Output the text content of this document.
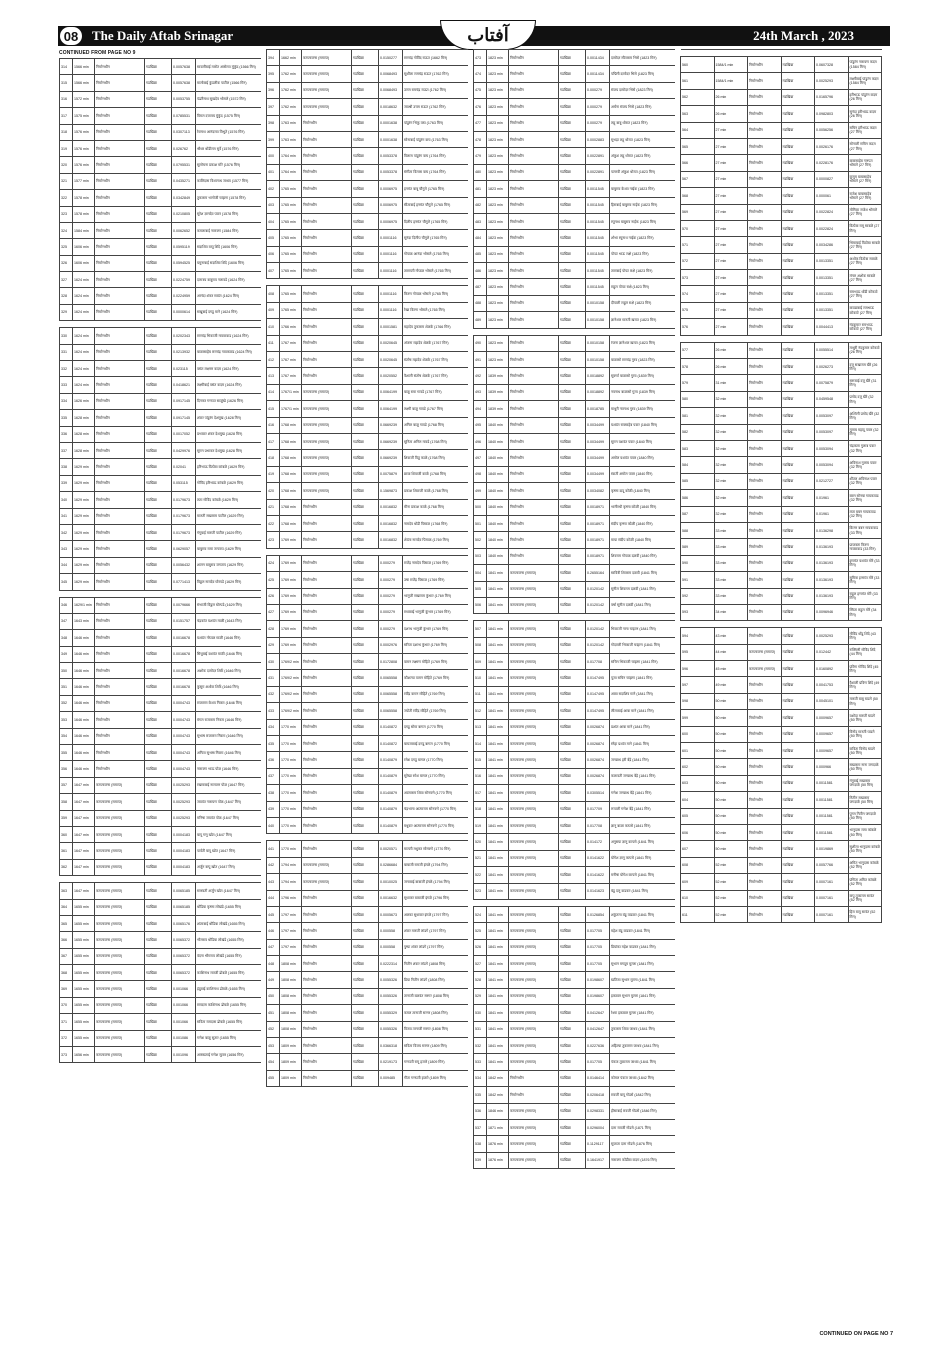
08 The Daily Aftab Srinagar	آفتاب	24th March , 2023
CONTINUED FROM PAGE NO 9
314	1566 min	निर्माणधीन	गडखिन्ना	0.0057638	सायलीबाई मारोत आसेराव मुंकुंद (1566 मिन)
315	1566 min	निर्माणधीन	गडखिन्ना	0.0057638	मालोबाई कुंडलीक पाटील (1566 मिन)
316	1572 min	निर्माणधीन	गडखिन्ना	0.0053755	पंढरीनाथ सुखदेव भोसले (1572 मिन)
317	1575 min	निर्माणधीन	गडखिन्ना	0.0785531	विमल दत्तात्रय मुंकुंद (1575 मिन)
318	1576 min	निर्माणधीन	गडखिन्ना	0.0307113	रेवनाथ आनंदराव विभुते (1576 मिन)
319	1576 min	निर्माणधीन	गडखिन्ना	0.026762	श्रीधर धोंडीराम सुर्वे (1576 मिन)
320	1576 min	निर्माणधीन	गडखिन्ना	0.0795531	सुलोचना प्रकाश मोरे (1576 मिन)
321	1577 min	निर्माणधीन	गडखिन्ना	0.0435271	कालिदास विश्वनाथ जाधव (1577 मिन)
322	1578 min	निर्माणधीन	गडखिन्ना	0.0342849	तुकाराम भागोजी चव्हाण (1578 मिन)
323	1578 min	निर्माणधीन	गडखिन्ना	0.0210805	सुरेश ज्ञानदेव पवार (1578 मिन)
324	1584 min	निर्माणधीन	गडखिन्ना	0.0062652	कमलाबाई नारायण (1584 मिन)
325	1606 min	निर्माणधीन	गडखिन्ना	0.0595119	सदाशिव बापू शिंदे (1606 मिन)
326	1606 min	निर्माणधीन	गडखिन्ना	0.0594525	यमुनाबाई सदाशिव शिंदे (1606 मिन)
327	1624 min	निर्माणधीन	गडखिन्ना	0.0224759	दत्तात्रय बाबुराव नलावडे (1624 मिन)
328	1624 min	निर्माणधीन	गडखिन्ना	0.0224959	आनंदा शंकर सावंत (1624 मिन)
329	1624 min	निर्माणधीन	गडखिन्ना	0.0000614	सखुबाई दगडू माने (1624 मिन)

330	1624 min	निर्माणधीन	गडखिन्ना	0.0202343	रामचंद्र भिकाजी गायकवाड (1624 मिन)
331	1624 min	निर्माणधीन	गडखिन्ना	0.0213932	बाळासाहेब रामचंद्र गायकवाड (1624 मिन)
332	1624 min	निर्माणधीन	गडखिन्ना	0.023115	वसंत लक्ष्मण कदम (1624 मिन)
333	1624 min	निर्माणधीन	गडखिन्ना	0.0418621	लक्ष्मीबाई वसंत कदम (1624 मिन)
334	1626 min	निर्माणधीन	गडखिन्ना	0.0917145	दिनकर गणपत साळुंखे (1626 मिन)
335	1628 min	निर्माणधीन	गडखिन्ना	0.0917145	शंकर पांडुरंग देशमुख (1628 मिन)
336	1628 min	निर्माणधीन	गडखिन्ना	0.0017052	प्रभाकर शंकर देशमुख (1628 मिन)
337	1628 min	निर्माणधीन	गडखिन्ना	0.0429976	सुमन प्रभाकर देशमुख (1628 मिन)
338	1629 min	निर्माणधीन	गडखिन्ना	0.02041	हरिभाऊ विठोबा कांबळे (1629 मिन)
339	1629 min	निर्माणधीन	गडखिन्ना	0.053115	गोविंद हरिभाऊ कांबळे (1629 मिन)
340	1629 min	निर्माणधीन	गडखिन्ना	0.0179673	लता गोविंद कांबळे (1629 मिन)
341	1629 min	निर्माणधीन	गडखिन्ना	0.0179673	मारुती सखाराम पाटील (1629 मिन)
342	1629 min	निर्माणधीन	गडखिन्ना	0.0179673	गंगूबाई मारुती पाटील (1629 मिन)
343	1629 min	निर्माणधीन	गडखिन्ना	0.0629057	बाबुराव रामा जगताप (1629 मिन)
344	1629 min	निर्माणधीन	गडखिन्ना	0.0056432	शालन बाबुराव जगताप (1629 मिन)
345	1629 min	निर्माणधीन	गडखिन्ना	0.0771413	विठ्ठल नामदेव घोरपडे (1629 मिन)

346	1629/1 min	निर्माणधीन	गडखिन्ना	0.0079666	संभाजी विठ्ठल घोरपडे (1629 मिन)
347	1643 min	निर्माणधीन	गडखिन्ना	0.0151757	चंद्रकांत यशवंत माळी (1643 मिन)
348	1646 min	निर्माणधीन	गडखिन्ना	0.0016678	यशवंत गोपाळ माळी (1646 मिन)
349	1646 min	निर्माणधीन	गडखिन्ना	0.0016678	सिंधुबाई यशवंत माळी (1646 मिन)
350	1646 min	निर्माणधीन	गडखिन्ना	0.0016678	अशोक दामोदर शिर्के (1646 मिन)
351	1646 min	निर्माणधीन	गडखिन्ना	0.0016678	कुसुम अशोक शिर्के (1646 मिन)
352	1646 min	निर्माणधीन	गडखिन्ना	0.0004743	राजाराम केशव निकम (1646 मिन)
353	1646 min	निर्माणधीन	गडखिन्ना	0.0004743	मंगल राजाराम निकम (1646 मिन)
354	1646 min	निर्माणधीन	गडखिन्ना	0.0004743	सुभाष राजाराम निकम (1646 मिन)
355	1646 min	निर्माणधीन	गडखिन्ना	0.0004743	अनिता सुभाष निकम (1646 मिन)
356	1646 min	निर्माणधीन	गडखिन्ना	0.0004743	नारायण भाऊ पोळ (1646 मिन)
357	1647 min	कम्प्लायन्स (समाप्त)	गडखिन्ना	0.0025293	रखमाबाई नारायण पोळ (1647 मिन)
358	1647 min	कम्प्लायन्स (समाप्त)	गडखिन्ना	0.0025293	जयवंत नारायण पोळ (1647 मिन)
359	1647 min	कम्प्लायन्स (समाप्त)	गडखिन्ना	0.0025293	मनिषा जयवंत पोळ (1647 मिन)
360	1647 min	कम्प्लायन्स (समाप्त)	गडखिन्ना	0.0004183	बापू गणू खोत (1647 मिन)
361	1647 min	कम्प्लायन्स (समाप्त)	गडखिन्ना	0.0004183	पार्वती बापू खोत (1647 मिन)
362	1647 min	कम्प्लायन्स (समाप्त)	गडखिन्ना	0.0004183	अर्जुन बापू खोत (1647 मिन)

363	1647 min	कम्प्लायन्स (समाप्त)	गडखिन्ना	0.0065185	सरस्वती अर्जुन खोत (1647 मिन)
364	1655 min	कम्प्लायन्स (समाप्त)	गडखिन्ना	0.0065185	धोंडिबा कृष्णा लोखंडे (1655 मिन)
365	1655 min	कम्प्लायन्स (समाप्त)	गडखिन्ना	0.0065176	शांताबाई धोंडिबा लोखंडे (1655 मिन)
366	1655 min	कम्प्लायन्स (समाप्त)	गडखिन्ना	0.0065372	भीमराव धोंडिबा लोखंडे (1655 मिन)
367	1655 min	कम्प्लायन्स (समाप्त)	गडखिन्ना	0.0065372	वंदना भीमराव लोखंडे (1655 मिन)
368	1655 min	कम्प्लायन्स (समाप्त)	गडखिन्ना	0.0065372	काशिनाथ रावजी ढोबळे (1655 मिन)
369	1655 min	कम्प्लायन्स (समाप्त)	गडखिन्ना	0.001066	इंदुबाई काशिनाथ ढोबळे (1655 मिन)
370	1655 min	कम्प्लायन्स (समाप्त)	गडखिन्ना	0.001066	रामदास काशिनाथ ढोबळे (1655 मिन)
371	1655 min	कम्प्लायन्स (समाप्त)	गडखिन्ना	0.001066	सविता रामदास ढोबळे (1655 मिन)
372	1655 min	कम्प्लायन्स (समाप्त)	गडखिन्ना	0.001086	गणेश बाळू सुतार (1655 मिन)
373	1656 min	कम्प्लायन्स (समाप्त)	गडखिन्ना	0.001096	अक्काताई गणेश सुतार (1656 मिन)
394	1662 min	कम्प्लायन्स (समाप्त)	गडखिन्ना	0.0150277	रामचंद्र गोविंद राऊत (1662 मिन)
395	1762 min	कम्प्लायन्स (समाप्त)	गडखिन्ना	0.0068493	सुशीला रामचंद्र राऊत (1762 मिन)
396	1762 min	कम्प्लायन्स (समाप्त)	गडखिन्ना	0.0068493	उत्तम रामचंद्र राऊत (1762 मिन)
397	1762 min	कम्प्लायन्स (समाप्त)	गडखिन्ना	0.0018632	जयश्री उत्तम राऊत (1762 मिन)
398	1763 min	निर्माणधीन	गडखिन्ना	0.0001638	पांडुरंग भिकू वाघ (1763 मिन)
399	1763 min	निर्माणधीन	गडखिन्ना	0.0001638	सोनाबाई पांडुरंग वाघ (1763 मिन)
400	1764 min	निर्माणधीन	गडखिन्ना	0.0053378	विलास पांडुरंग वाघ (1764 मिन)
401	1764 min	निर्माणधीन	गडखिन्ना	0.0053378	संगीता विलास वाघ (1764 मिन)
402	1765 min	निर्माणधीन	गडखिन्ना	0.0006975	हनमंत बाबू चौगुले (1765 मिन)
403	1765 min	निर्माणधीन	गडखिन्ना	0.0006975	सीताबाई हनमंत चौगुले (1765 मिन)
404	1765 min	निर्माणधीन	गडखिन्ना	0.0006975	दिलीप हनमंत चौगुले (1765 मिन)
405	1765 min	निर्माणधीन	गडखिन्ना	0.0001116	सुनंदा दिलीप चौगुले (1765 मिन)
406	1765 min	निर्माणधीन	गडखिन्ना	0.0001116	गोपाळ आनंदा भोसले (1765 मिन)
407	1765 min	निर्माणधीन	गडखिन्ना	0.0001116	तारामती गोपाळ भोसले (1765 मिन)

408	1765 min	निर्माणधीन	गडखिन्ना	0.0001116	किरण गोपाळ भोसले (1765 मिन)
409	1765 min	निर्माणधीन	गडखिन्ना	0.0001116	रेखा किरण भोसले (1765 मिन)
410	1766 min	निर्माणधीन	गडखिन्ना	0.0001581	महादेव तुकाराम शेळके (1766 मिन)
411	1767 min	निर्माणधीन	गडखिन्ना	0.0020645	अंजना महादेव शेळके (1767 मिन)
412	1767 min	निर्माणधीन	गडखिन्ना	0.0020645	संतोष महादेव शेळके (1767 मिन)
413	1767 min	निर्माणधीन	गडखिन्ना	0.0020552	वैशाली संतोष शेळके (1767 मिन)
414	1767/1 min	कम्प्लायन्स (समाप्त)	गडखिन्ना	0.0064199	बाळू रामा गावडे (1767 मिन)
415	1767/1 min	कम्प्लायन्स (समाप्त)	गडखिन्ना	0.0064199	लक्ष्मी बाळू गावडे (1767 मिन)
416	1768 min	कम्प्लायन्स (समाप्त)	गडखिन्ना	0.0669239	अनिल बाळू गावडे (1768 मिन)
417	1768 min	कम्प्लायन्स (समाप्त)	गडखिन्ना	0.0669239	सुनिता अनिल गावडे (1768 मिन)
418	1768 min	कम्प्लायन्स (समाप्त)	गडखिन्ना	0.0669239	शिवाजी विठू काळे (1768 मिन)
419	1768 min	कम्प्लायन्स (समाप्त)	गडखिन्ना	0.0075879	छाया शिवाजी काळे (1768 मिन)
420	1768 min	कम्प्लायन्स (समाप्त)	गडखिन्ना	0.1569873	प्रकाश शिवाजी काळे (1768 मिन)
421	1768 min	निर्माणधीन	गडखिन्ना	0.0016832	मीना प्रकाश काळे (1768 मिन)
422	1768 min	निर्माणधीन	गडखिन्ना	0.0016832	नामदेव धोंडी पिसाळ (1768 मिन)
423	1769 min	निर्माणधीन	गडखिन्ना	0.0016832	शेवंता नामदेव पिसाळ (1769 मिन)

424	1769 min	निर्माणधीन	गडखिन्ना	0.000279	राजेंद्र नामदेव पिसाळ (1769 मिन)
425	1769 min	निर्माणधीन	गडखिन्ना	0.000279	उषा राजेंद्र पिसाळ (1769 मिन)
426	1769 min	निर्माणधीन	गडखिन्ना	0.000279	भागूजी सखाराम कुंभार (1769 मिन)
427	1769 min	निर्माणधीन	गडखिन्ना	0.000279	राधाबाई भागूजी कुंभार (1769 मिन)
428	1769 min	निर्माणधीन	गडखिन्ना	0.000279	दशरथ भागूजी कुंभार (1769 मिन)
429	1769 min	निर्माणधीन	गडखिन्ना	0.0002976	सरिता दशरथ कुंभार (1769 मिन)
430	1769/2 min	निर्माणधीन	गडखिन्ना	0.0172808	वामन लक्ष्मण मोहिते (1769 मिन)
431	1769/2 min	निर्माणधीन	गडखिन्ना	0.0065558	कौशल्या वामन मोहिते (1769 मिन)
432	1769/2 min	निर्माणधीन	गडखिन्ना	0.0065558	रवींद्र वामन मोहिते (1769 मिन)
433	1769/2 min	निर्माणधीन	गडखिन्ना	0.0065558	ज्योती रवींद्र मोहिते (1769 मिन)
434	1770 min	निर्माणधीन	गडखिन्ना	0.0140872	दगडू सोमा बागल (1770 मिन)
435	1770 min	निर्माणधीन	गडखिन्ना	0.0140872	बायजाबाई दगडू बागल (1770 मिन)
436	1770 min	निर्माणधीन	गडखिन्ना	0.0140879	रमेश दगडू बागल (1770 मिन)
437	1770 min	निर्माणधीन	गडखिन्ना	0.0140879	सुरेखा रमेश बागल (1770 मिन)
438	1770 min	निर्माणधीन	गडखिन्ना	0.0140879	आत्माराम शिवा सोनवणे (1770 मिन)
439	1770 min	निर्माणधीन	गडखिन्ना	0.0140879	चंद्रभागा आत्माराम सोनवणे (1770 मिन)
440	1770 min	निर्माणधीन	गडखिन्ना	0.0140879	मधुकर आत्माराम सोनवणे (1770 मिन)

441	1770 min	निर्माणधीन	गडखिन्ना	0.0020571	मालती मधुकर सोनवणे (1770 मिन)
442	1794 min	कम्प्लायन्स (समाप्त)	गडखिन्ना	0.0286684	बाबाजी रामजी इंगळे (1794 मिन)
443	1794 min	कम्प्लायन्स (समाप्त)	गडखिन्ना	0.0010025	जनाबाई बाबाजी इंगळे (1794 मिन)
444	1796 min	निर्माणधीन	गडखिन्ना	0.0016632	सुधाकर बाबाजी इंगळे (1796 मिन)
445	1797 min	निर्माणधीन	गडखिन्ना	0.0005673	अलका सुधाकर इंगळे (1797 मिन)
446	1797 min	निर्माणधीन	गडखिन्ना	0.000558	शंकर मारुती लांडगे (1797 मिन)
447	1797 min	निर्माणधीन	गडखिन्ना	0.000558	पुष्पा शंकर लांडगे (1797 मिन)
448	1808 min	निर्माणधीन	गडखिन्ना	0.0222314	नितीन शंकर लांडगे (1808 मिन)
449	1808 min	निर्माणधीन	गडखिन्ना	0.0055326	प्रिया नितीन लांडगे (1808 मिन)
450	1808 min	निर्माणधीन	गडखिन्ना	0.0055326	तानाजी बळवंत सरगर (1808 मिन)
451	1808 min	निर्माणधीन	गडखिन्ना	0.0055329	कमल तानाजी सरगर (1808 मिन)
452	1808 min	निर्माणधीन	गडखिन्ना	0.0055326	विजय तानाजी सरगर (1808 मिन)
453	1809 min	निर्माणधीन	गडखिन्ना	0.0366318	सविता विजय सरगर (1809 मिन)
454	1809 min	निर्माणधीन	गडखिन्ना	0.0219173	गणपती रामू हजारे (1809 मिन)
455	1809 min	निर्माणधीन	गडखिन्ना	0.009485	गीता गणपती हजारे (1809 मिन)
473	1823 min	निर्माणधीन	गडखिन्ना	0.0011434	दामोदर सीताराम भिसे (1823 मिन)
474	1823 min	निर्माणधीन	गडखिन्ना	0.0011434	पद्मिनी दामोदर भिसे (1823 मिन)
475	1823 min	निर्माणधीन	गडखिन्ना	0.000279	संजय दामोदर भिसे (1823 मिन)
476	1823 min	निर्माणधीन	गडखिन्ना	0.000279	अर्चना संजय भिसे (1823 मिन)
477	1823 min	निर्माणधीन	गडखिन्ना	0.000279	लहू बाबू थोरात (1823 मिन)
478	1823 min	निर्माणधीन	गडखिन्ना	0.0002883	सुभद्रा लहू थोरात (1823 मिन)
479	1823 min	निर्माणधीन	गडखिन्ना	0.0022891	अंकुश लहू थोरात (1823 मिन)
480	1823 min	निर्माणधीन	गडखिन्ना	0.0022891	पल्लवी अंकुश थोरात (1823 मिन)
481	1823 min	निर्माणधीन	गडखिन्ना	0.0011545	बाबुराव केशव नाईक (1823 मिन)
482	1823 min	निर्माणधीन	गडखिन्ना	0.0011545	हिराबाई बाबुराव नाईक (1823 मिन)
483	1823 min	निर्माणधीन	गडखिन्ना	0.0011545	रघुनाथ बाबुराव नाईक (1823 मिन)
484	1823 min	निर्माणधीन	गडखिन्ना	0.0011545	शोभा रघुनाथ नाईक (1823 मिन)
485	1823 min	निर्माणधीन	गडखिन्ना	0.0011545	पोपट भाऊ राक्षे (1823 मिन)
486	1823 min	निर्माणधीन	गडखिन्ना	0.0011545	ताराबाई पोपट राक्षे (1823 मिन)
487	1823 min	निर्माणधीन	गडखिन्ना	0.0011545	राहुल पोपट राक्षे (1823 मिन)
488	1823 min	निर्माणधीन	गडखिन्ना	0.0010158	दीपाली राहुल राक्षे (1823 मिन)
489	1823 min	निर्माणधीन	गडखिन्ना	0.0010158	ज्ञानेश्वर मारुती खरात (1823 मिन)

490	1823 min	निर्माणधीन	गडखिन्ना	0.0010158	रंजना ज्ञानेश्वर खरात (1823 मिन)
491	1823 min	निर्माणधीन	गडखिन्ना	0.0010158	बाळासो रामचंद्र गुरव (1823 मिन)
492	1839 min	निर्माणधीन	गडखिन्ना	0.0018892	सुवर्णा बाळासो गुरव (1839 मिन)
493	1839 min	निर्माणधीन	गडखिन्ना	0.0018892	नवनाथ बाळासो गुरव (1839 मिन)
494	1839 min	निर्माणधीन	गडखिन्ना	0.0018785	माधुरी नवनाथ गुरव (1839 मिन)
495	1840 min	निर्माणधीन	गडखिन्ना	0.0034499	यशवंत रावसाहेब पवार (1840 मिन)
496	1840 min	निर्माणधीन	गडखिन्ना	0.0034499	सुमन यशवंत पवार (1840 मिन)
497	1840 min	निर्माणधीन	गडखिन्ना	0.0034499	अमोल यशवंत पवार (1840 मिन)
498	1840 min	निर्माणधीन	गडखिन्ना	0.0034499	स्वाती अमोल पवार (1840 मिन)
499	1840 min	निर्माणधीन	गडखिन्ना	0.0034082	कृष्णा दादू कोळी (1840 मिन)
500	1840 min	निर्माणधीन	गडखिन्ना	0.0018971	भागीरथी कृष्णा कोळी (1840 मिन)
501	1840 min	निर्माणधीन	गडखिन्ना	0.0018971	संदीप कृष्णा कोळी (1840 मिन)
502	1840 min	निर्माणधीन	गडखिन्ना	0.0018971	माया संदीप कोळी (1840 मिन)
503	1840 min	निर्माणधीन	गडखिन्ना	0.0018971	शिवराम गोपाळ दळवी (1840 मिन)
504	1841 min	कम्प्लायन्स (समाप्त)	गडखिन्ना	0.2655164	सावित्री शिवराम दळवी (1841 मिन)
505	1841 min	कम्प्लायन्स (समाप्त)	गडखिन्ना	0.0120142	सुनील शिवराम दळवी (1841 मिन)
506	1841 min	कम्प्लायन्स (समाप्त)	गडखिन्ना	0.0120142	वर्षा सुनील दळवी (1841 मिन)

507	1841 min	कम्प्लायन्स (समाप्त)	गडखिन्ना	0.0120142	भिकाजी नाना चव्हाण (1841 मिन)
508	1841 min	कम्प्लायन्स (समाप्त)	गडखिन्ना	0.0120142	गोदावरी भिकाजी चव्हाण (1841 मिन)
509	1841 min	कम्प्लायन्स (समाप्त)	गडखिन्ना	0.017708	सचिन भिकाजी चव्हाण (1841 मिन)
510	1841 min	कम्प्लायन्स (समाप्त)	गडखिन्ना	0.0147495	पूजा सचिन चव्हाण (1841 मिन)
511	1841 min	कम्प्लायन्स (समाप्त)	गडखिन्ना	0.0147495	आबा सदाशिव माने (1841 मिन)
512	1841 min	कम्प्लायन्स (समाप्त)	गडखिन्ना	0.0147495	लीलाबाई आबा माने (1841 मिन)
513	1841 min	कम्प्लायन्स (समाप्त)	गडखिन्ना	0.0026874	प्रशांत आबा माने (1841 मिन)
514	1841 min	कम्प्लायन्स (समाप्त)	गडखिन्ना	0.0026874	स्नेहा प्रशांत माने (1841 मिन)
515	1841 min	कम्प्लायन्स (समाप्त)	गडखिन्ना	0.0026874	जगन्नाथ हरी बेंद्रे (1841 मिन)
516	1841 min	कम्प्लायन्स (समाप्त)	गडखिन्ना	0.0026874	कलावती जगन्नाथ बेंद्रे (1841 मिन)
517	1841 min	कम्प्लायन्स (समाप्त)	गडखिन्ना	0.0305514	गणेश जगन्नाथ बेंद्रे (1841 मिन)
518	1841 min	कम्प्लायन्स (समाप्त)	गडखिन्ना	0.017709	रूपाली गणेश बेंद्रे (1841 मिन)
519	1841 min	कम्प्लायन्स (समाप्त)	गडखिन्ना	0.017708	ज्ञानू बाळा कापसे (1841 मिन)
520	1841 min	कम्प्लायन्स (समाप्त)	गडखिन्ना	0.014172	अनुसया ज्ञानू कापसे (1841 मिन)
521	1841 min	कम्प्लायन्स (समाप्त)	गडखिन्ना	0.0141622	योगेश ज्ञानू कापसे (1841 मिन)
522	1841 min	कम्प्लायन्स (समाप्त)	गडखिन्ना	0.0141622	मनीषा योगेश कापसे (1841 मिन)
523	1841 min	कम्प्लायन्स (समाप्त)	गडखिन्ना	0.0141623	बंडू दत्तू वाडकर (1841 मिन)

524	1841 min	कम्प्लायन्स (समाप्त)	गडखिन्ना	0.0126854	शकुंतला बंडू वाडकर (1841 मिन)
525	1841 min	कम्प्लायन्स (समाप्त)	गडखिन्ना	0.017705	महेश बंडू वाडकर (1841 मिन)
526	1841 min	कम्प्लायन्स (समाप्त)	गडखिन्ना	0.017705	प्रियांका महेश वाडकर (1841 मिन)
527	1841 min	कम्प्लायन्स (समाप्त)	गडखिन्ना	0.017705	सुभान मगदूम मुल्ला (1841 मिन)
528	1841 min	कम्प्लायन्स (समाप्त)	गडखिन्ना	0.0198607	खतिजा सुभान मुल्ला (1841 मिन)
529	1841 min	कम्प्लायन्स (समाप्त)	गडखिन्ना	0.0198607	इकबाल सुभान मुल्ला (1841 मिन)
530	1841 min	कम्प्लायन्स (समाप्त)	गडखिन्ना	0.0412647	रेश्मा इकबाल मुल्ला (1841 मिन)
531	1841 min	कम्प्लायन्स (समाप्त)	गडखिन्ना	0.0412647	तुकाराम शिवा जाधव (1841 मिन)
532	1841 min	कम्प्लायन्स (समाप्त)	गडखिन्ना	0.0227636	अहिल्या तुकाराम जाधव (1841 मिन)
533	1841 min	कम्प्लायन्स (समाप्त)	गडखिन्ना	0.017705	पंकज तुकाराम जाधव (1841 मिन)
534	1842 min	निर्माणधीन	गडखिन्ना	0.0146414	कोमल पंकज जाधव (1842 मिन)
535	1842 min	निर्माणधीन	गडखिन्ना	0.0206418	रावजी बापू गोडसे (1842 मिन)
536	1846 min	कम्प्लायन्स (समाप्त)	गडखिन्ना	0.0298331	हौसाबाई रावजी गोडसे (1846 मिन)
537	1871 min	कम्प्लायन्स (समाप्त)	गडखिन्ना	0.0296004	दत्ता रावजी गोडसे (1871 मिन)
538	1876 min	कम्प्लायन्स (समाप्त)	गडखिन्ना	0.1129117	सुजाता दत्ता गोडसे (1876 मिन)
539	1876 min	कम्प्लायन्स (समाप्त)	गडखिन्ना	0.1641917	नारायण कोंडीबा कदम (1876 मिन)

560	1584/1 min	निर्माणधीन	गडखिन्ना	0.0607328	पांडुरंग नारायण कदम (1584 मिन)
561	1584/1 min	निर्माणधीन	गडखिन्ना	0.0025293	लक्ष्मीबाई पांडुरंग कदम (1584 मिन)
562	26 min	निर्माणधीन	गडखिन्ना	0.0165796	हरीभाऊ पांडुरंग कदम (26 मिन)
563	26 min	निर्माणधीन	गडखिन्ना	0.0982803	सुनंदा हरीभाऊ कदम (26 मिन)
564	27 min	निर्माणधीन	गडखिन्ना	0.0056256	सचिन हरीभाऊ कदम (27 मिन)
565	27 min	निर्माणधीन	गडखिन्ना	0.0026176	सोनाली सचिन कदम (27 मिन)
566	27 min	निर्माणधीन	गडखिन्ना	0.0228176	बाबासाहेब गणपत भोसले (27 मिन)
567	27 min	निर्माणधीन	गडखिन्ना	0.0000827	कुसुम बाबासाहेब भोसले (27 मिन)
568	27 min	निर्माणधीन	गडखिन्ना	0.000061	राजेश बाबासाहेब भोसले (27 मिन)
569	27 min	निर्माणधीन	गडखिन्ना	0.0022824	मोनिका राजेश भोसले (27 मिन)
570	27 min	निर्माणधीन	गडखिन्ना	0.0022824	विठोबा रामू साबळे (27 मिन)
571	27 min	निर्माणधीन	गडखिन्ना	0.0034286	भिमाबाई विठोबा साबळे (27 मिन)
572	27 min	निर्माणधीन	गडखिन्ना	0.0013351	अशोक विठोबा साबळे (27 मिन)
573	27 min	निर्माणधीन	गडखिन्ना	0.0013351	मंगल अशोक साबळे (27 मिन)
574	27 min	निर्माणधीन	गडखिन्ना	0.0013351	रामभाऊ धोंडी कोकाटे (27 मिन)
575	27 min	निर्माणधीन	गडखिन्ना	0.0013351	बायडाबाई रामभाऊ कोकाटे (27 मिन)
576	27 min	निर्माणधीन	गडखिन्ना	0.0044413	नंदकुमार रामभाऊ कोकाटे (27 मिन)

577	26 min	निर्माणधीन	गडखिन्ना	0.0055514	माधुरी नंदकुमार कोकाटे (26 मिन)
578	26 min	निर्माणधीन	गडखिन्ना	0.0026273	दत्तू सखाराम खैरे (26 मिन)
579	31 min	निर्माणधीन	गडखिन्ना	0.0075879	सरूबाई दत्तू खैरे (31 मिन)
580	32 min	निर्माणधीन	गडखिन्ना	0.0459548	प्रमोद दत्तू खैरे (32 मिन)
581	32 min	निर्माणधीन	गडखिन्ना	0.0053097	अश्विनी प्रमोद खैरे (32 मिन)
582	32 min	निर्माणधीन	गडखिन्ना	0.0053097	गुलाब महादू पवार (32 मिन)
583	32 min	निर्माणधीन	गडखिन्ना	0.0053094	चंद्रकला गुलाब पवार (32 मिन)
584	32 min	निर्माणधीन	गडखिन्ना	0.0053094	अविनाश गुलाब पवार (32 मिन)
585	32 min	निर्माणधीन	गडखिन्ना	0.0212727	शीतल अविनाश पवार (32 मिन)
586	32 min	निर्माणधीन	गडखिन्ना	0.01961	बबन सोनबा गायकवाड (32 मिन)
587	32 min	निर्माणधीन	गडखिन्ना	0.01961	लता बबन गायकवाड (32 मिन)
588	33 min	निर्माणधीन	गडखिन्ना	0.0136298	किरण बबन गायकवाड (33 मिन)
589	33 min	निर्माणधीन	गडखिन्ना	0.0136193	प्राजक्ता किरण गायकवाड (33 मिन)
590	33 min	निर्माणधीन	गडखिन्ना	0.0136193	हणमंत यशवंत मोरे (33 मिन)
591	33 min	निर्माणधीन	गडखिन्ना	0.0136193	सुमित्रा हणमंत मोरे (33 मिन)
592	33 min	निर्माणधीन	गडखिन्ना	0.0136193	राहुल हणमंत मोरे (33 मिन)
593	34 min	निर्माणधीन	गडखिन्ना	0.0096946	स्मिता राहुल मोरे (34 मिन)

594	43 min	निर्माणधीन	गडखिन्ना	0.0025293	गोविंद धोंडू शिंदे (43 मिन)
595	44 min	कम्प्लायन्स (समाप्त)	गडखिन्ना	0.012442	रुक्मिणी गोविंद शिंदे (44 मिन)
596	45 min	कम्प्लायन्स (समाप्त)	गडखिन्ना	0.0160892	प्रविण गोविंद शिंदे (45 मिन)
597	49 min	निर्माणधीन	गडखिन्ना	0.0041753	वैशाली प्रविण शिंदे (49 मिन)
598	50 min	निर्माणधीन	गडखिन्ना	0.0045101	मारुती बाबू घाडगे (50 मिन)
599	50 min	निर्माणधीन	गडखिन्ना	0.0009657	यशोदा मारुती घाडगे (50 मिन)
600	50 min	निर्माणधीन	गडखिन्ना	0.0009657	विनोद मारुती घाडगे (50 मिन)
601	50 min	निर्माणधीन	गडखिन्ना	0.0009657	कविता विनोद घाडगे (50 मिन)
602	50 min	निर्माणधीन	गडखिन्ना	0.000966	सखाराम नाना जगदाळे (50 मिन)
603	50 min	निर्माणधीन	गडखिन्ना	0.0011581	गंगुबाई सखाराम जगदाळे (50 मिन)
604	50 min	निर्माणधीन	गडखिन्ना	0.0011581	नितीन सखाराम जगदाळे (50 मिन)
605	50 min	निर्माणधीन	गडखिन्ना	0.0011581	पूनम नितीन जगदाळे (50 मिन)
606	50 min	निर्माणधीन	गडखिन्ना	0.0011581	भानुदास रामा कांबळे (50 मिन)
607	50 min	निर्माणधीन	गडखिन्ना	0.0019869	सुशीला भानुदास कांबळे (50 मिन)
608	52 min	निर्माणधीन	गडखिन्ना	0.0057766	अमित भानुदास कांबळे (52 मिन)
609	52 min	निर्माणधीन	गडखिन्ना	0.0007161	प्रणिता अमित कांबळे (52 मिन)
610	52 min	निर्माणधीन	गडखिन्ना	0.0007161	बापू तुकाराम सावंत (52 मिन)
611	52 min	निर्माणधीन	गडखिन्ना	0.0007161	हिरा बापू सावंत (52 मिन)
CONTINUED ON PAGE NO 7
